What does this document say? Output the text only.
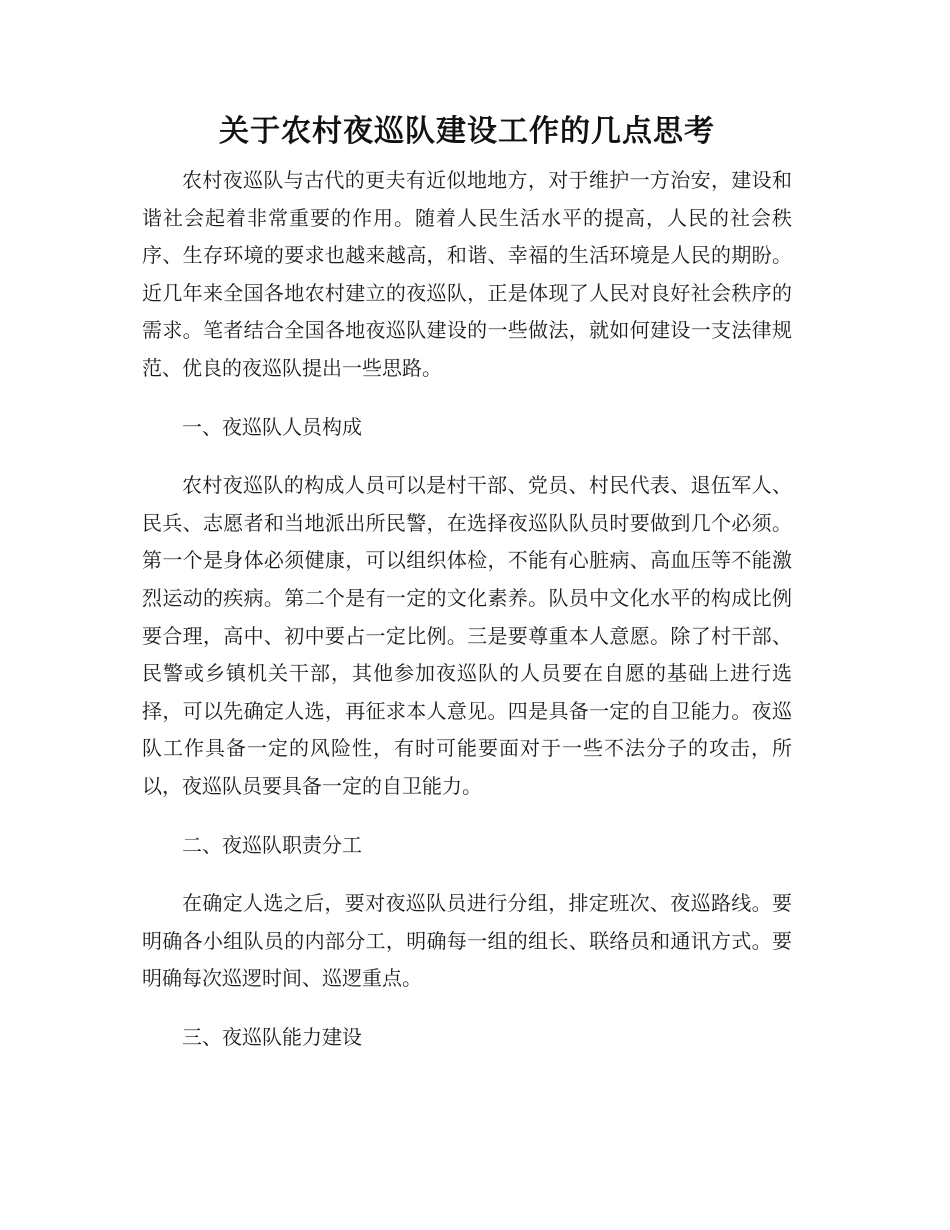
关于农村夜巡队建设工作的几点思考

农村夜巡队与古代的更夫有近似地地方，对于维护一方治安，建设和谐社会起着非常重要的作用。随着人民生活水平的提高，人民的社会秩序、生存环境的要求也越来越高，和谐、幸福的生活环境是人民的期盼。近几年来全国各地农村建立的夜巡队，正是体现了人民对良好社会秩序的需求。笔者结合全国各地夜巡队建设的一些做法，就如何建设一支法律规范、优良的夜巡队提出一些思路。

一、夜巡队人员构成

农村夜巡队的构成人员可以是村干部、党员、村民代表、退伍军人、民兵、志愿者和当地派出所民警，在选择夜巡队队员时要做到几个必须。第一个是身体必须健康，可以组织体检，不能有心脏病、高血压等不能激烈运动的疾病。第二个是有一定的文化素养。队员中文化水平的构成比例要合理，高中、初中要占一定比例。三是要尊重本人意愿。除了村干部、民警或乡镇机关干部，其他参加夜巡队的人员要在自愿的基础上进行选择，可以先确定人选，再征求本人意见。四是具备一定的自卫能力。夜巡队工作具备一定的风险性，有时可能要面对于一些不法分子的攻击，所以，夜巡队员要具备一定的自卫能力。

二、夜巡队职责分工

在确定人选之后，要对夜巡队员进行分组，排定班次、夜巡路线。要明确各小组队员的内部分工，明确每一组的组长、联络员和通讯方式。要明确每次巡逻时间、巡逻重点。

三、夜巡队能力建设
